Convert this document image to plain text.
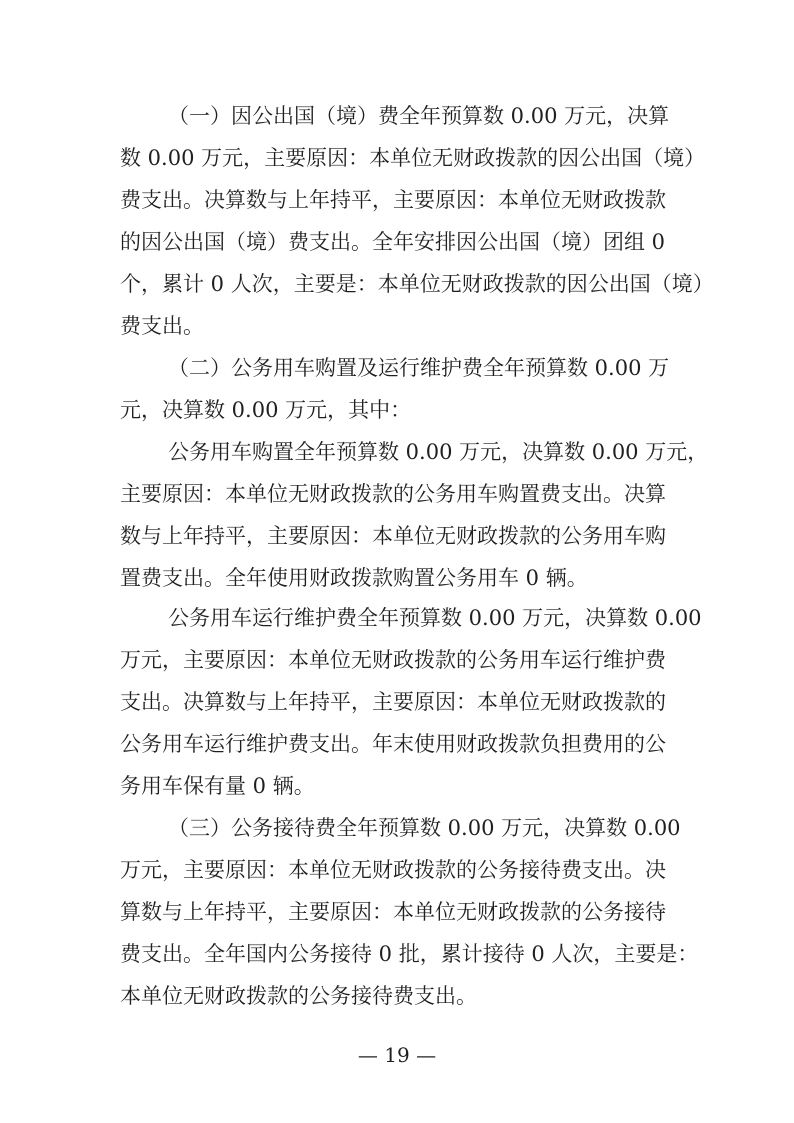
（一）因公出国（境）费全年预算数 0.00 万元，决算
数 0.00 万元，主要原因：本单位无财政拨款的因公出国（境）
费支出。决算数与上年持平，主要原因：本单位无财政拨款
的因公出国（境）费支出。全年安排因公出国（境）团组 0
个，累计 0 人次，主要是：本单位无财政拨款的因公出国（境）
费支出。
（二）公务用车购置及运行维护费全年预算数 0.00 万
元，决算数 0.00 万元，其中：
公务用车购置全年预算数 0.00 万元，决算数 0.00 万元，
主要原因：本单位无财政拨款的公务用车购置费支出。决算
数与上年持平，主要原因：本单位无财政拨款的公务用车购
置费支出。全年使用财政拨款购置公务用车 0 辆。
公务用车运行维护费全年预算数 0.00 万元，决算数 0.00
万元，主要原因：本单位无财政拨款的公务用车运行维护费
支出。决算数与上年持平，主要原因：本单位无财政拨款的
公务用车运行维护费支出。年末使用财政拨款负担费用的公
务用车保有量 0 辆。
（三）公务接待费全年预算数 0.00 万元，决算数 0.00
万元，主要原因：本单位无财政拨款的公务接待费支出。决
算数与上年持平，主要原因：本单位无财政拨款的公务接待
费支出。全年国内公务接待 0 批，累计接待 0 人次，主要是：
本单位无财政拨款的公务接待费支出。
— 19 —
